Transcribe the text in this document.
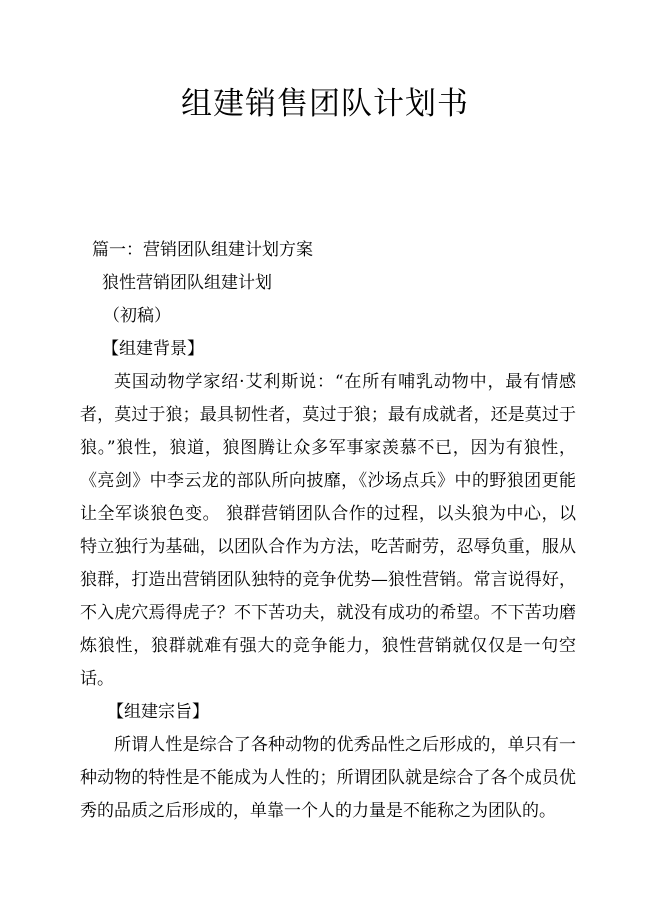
组建销售团队计划书

篇一：营销团队组建计划方案

狼性营销团队组建计划

（初稿）

【组建背景】

英国动物学家绍·艾利斯说：“在所有哺乳动物中，最有情感者，莫过于狼；最具韧性者，莫过于狼；最有成就者，还是莫过于狼。”狼性，狼道，狼图腾让众多军事家羡慕不已，因为有狼性，《亮剑》中李云龙的部队所向披靡，《沙场点兵》中的野狼团更能让全军谈狼色变。 狼群营销团队合作的过程，以头狼为中心，以特立独行为基础，以团队合作为方法，吃苦耐劳，忍辱负重，服从狼群，打造出营销团队独特的竞争优势—狼性营销。常言说得好，不入虎穴焉得虎子？不下苦功夫，就没有成功的希望。不下苦功磨炼狼性，狼群就难有强大的竞争能力，狼性营销就仅仅是一句空话。

【组建宗旨】

所谓人性是综合了各种动物的优秀品性之后形成的，单只有一种动物的特性是不能成为人性的；所谓团队就是综合了各个成员优秀的品质之后形成的，单靠一个人的力量是不能称之为团队的。
